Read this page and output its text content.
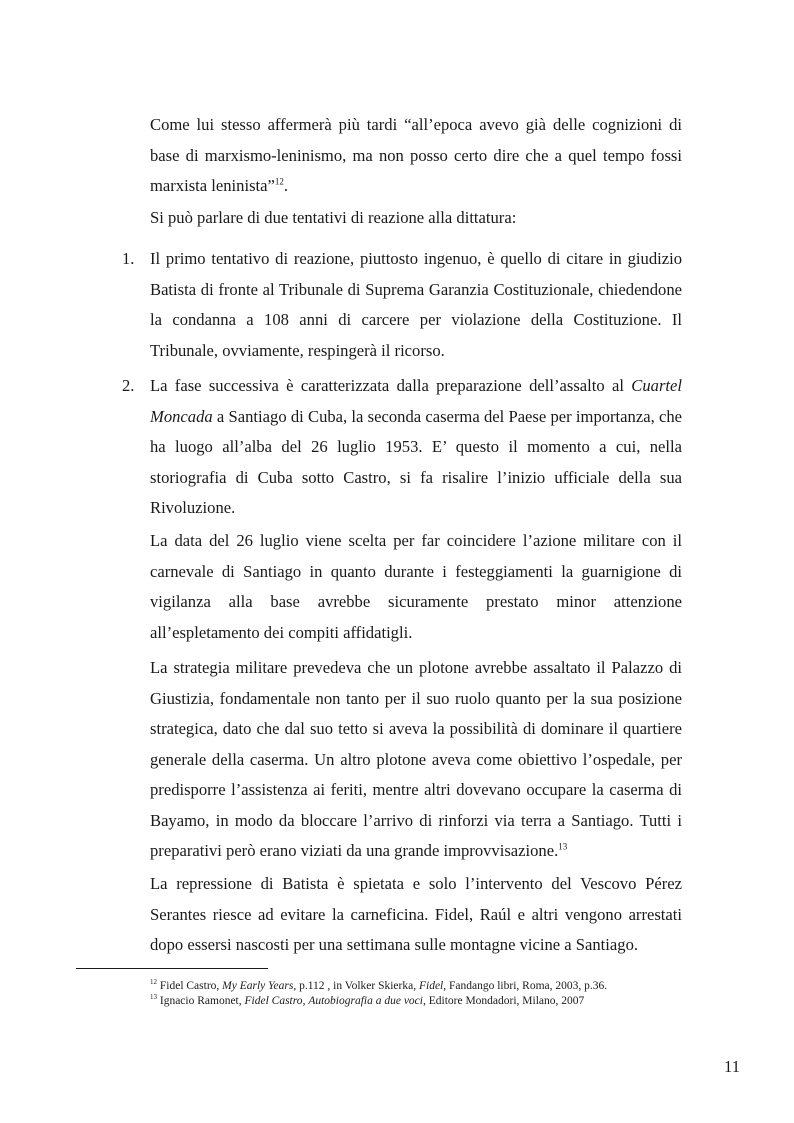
Come lui stesso affermerà più tardi “all’epoca avevo già delle cognizioni di base di marxismo-leninismo, ma non posso certo dire che a quel tempo fossi marxista leninista”$^{12}$.

Si può parlare di due tentativi di reazione alla dittatura:

1. Il primo tentativo di reazione, piuttosto ingenuo, è quello di citare in giudizio Batista di fronte al Tribunale di Suprema Garanzia Costituzionale, chiedendone la condanna a 108 anni di carcere per violazione della Costituzione. Il Tribunale, ovviamente, respingerà il ricorso.

2. La fase successiva è caratterizzata dalla preparazione dell’assalto al Cuartel Moncada a Santiago di Cuba, la seconda caserma del Paese per importanza, che ha luogo all’alba del 26 luglio 1953. E’ questo il momento a cui, nella storiografia di Cuba sotto Castro, si fa risalire l’inizio ufficiale della sua Rivoluzione.

La data del 26 luglio viene scelta per far coincidere l’azione militare con il carnevale di Santiago in quanto durante i festeggiamenti la guarnigione di vigilanza alla base avrebbe sicuramente prestato minor attenzione all’espletamento dei compiti affidatigli.

La strategia militare prevedeva che un plotone avrebbe assaltato il Palazzo di Giustizia, fondamentale non tanto per il suo ruolo quanto per la sua posizione strategica, dato che dal suo tetto si aveva la possibilità di dominare il quartiere generale della caserma. Un altro plotone aveva come obiettivo l’ospedale, per predisporre l’assistenza ai feriti, mentre altri dovevano occupare la caserma di Bayamo, in modo da bloccare l’arrivo di rinforzi via terra a Santiago. Tutti i preparativi però erano viziati da una grande improvvisazione.$^{13}$

La repressione di Batista è spietata e solo l’intervento del Vescovo Pérez Serantes riesce ad evitare la carneficina. Fidel, Raúl e altri vengono arrestati dopo essersi nascosti per una settimana sulle montagne vicine a Santiago.

$^{12}$ Fidel Castro, My Early Years, p.112 , in Volker Skierka, Fidel, Fandango libri, Roma, 2003, p.36.
$^{13}$ Ignacio Ramonet, Fidel Castro, Autobiografia a due voci, Editore Mondadori, Milano, 2007
11
